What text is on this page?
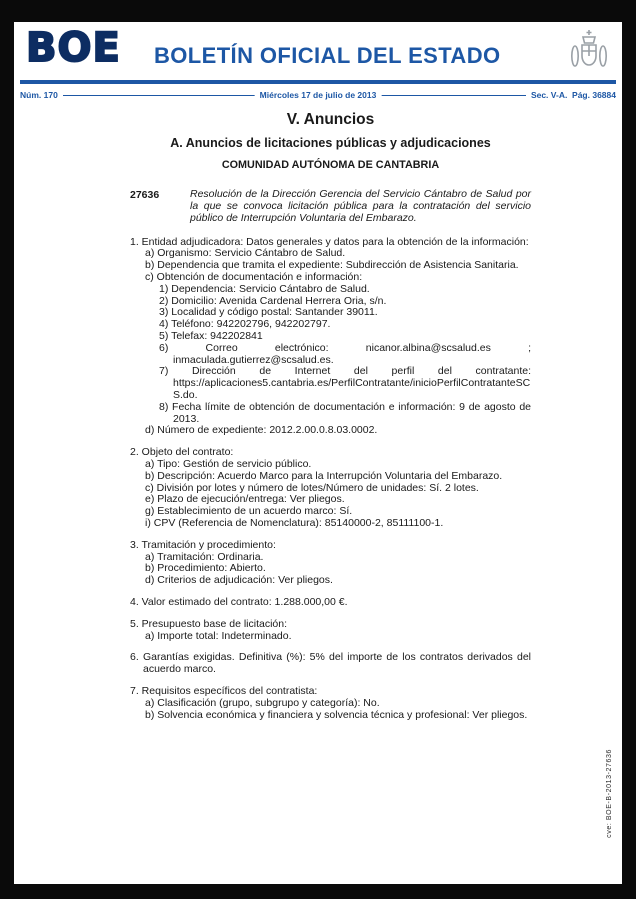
BOE BOLETÍN OFICIAL DEL ESTADO
Núm. 170	Miércoles 17 de julio de 2013	Sec. V-A.  Pág. 36884
V. Anuncios
A. Anuncios de licitaciones públicas y adjudicaciones
COMUNIDAD AUTÓNOMA DE CANTABRIA
27636	Resolución de la Dirección Gerencia del Servicio Cántabro de Salud por la que se convoca licitación pública para la contratación del servicio público de Interrupción Voluntaria del Embarazo.

1. Entidad adjudicadora: Datos generales y datos para la obtención de la información:
a) Organismo: Servicio Cántabro de Salud.
b) Dependencia que tramita el expediente: Subdirección de Asistencia Sanitaria.
c) Obtención de documentación e información:
1) Dependencia: Servicio Cántabro de Salud.
2) Domicilio: Avenida Cardenal Herrera Oria, s/n.
3) Localidad y código postal: Santander 39011.
4) Teléfono: 942202796, 942202797.
5) Telefax: 942202841
6) Correo electrónico: nicanor.albina@scsalud.es ; inmaculada.gutierrez@scsalud.es.
7) Dirección de Internet del perfil del contratante: https://aplicaciones5.cantabria.es/PerfilContratante/inicioPerfilContratanteSCS.do.
8) Fecha límite de obtención de documentación e información: 9 de agosto de 2013.
d) Número de expediente: 2012.2.00.0.8.03.0002.
2. Objeto del contrato:
a) Tipo: Gestión de servicio público.
b) Descripción: Acuerdo Marco para la Interrupción Voluntaria del Embarazo.
c) División por lotes y número de lotes/Número de unidades: Sí. 2 lotes.
e) Plazo de ejecución/entrega: Ver pliegos.
g) Establecimiento de un acuerdo marco: Sí.
i) CPV (Referencia de Nomenclatura): 85140000-2, 85111100-1.
3. Tramitación y procedimiento:
a) Tramitación: Ordinaria.
b) Procedimiento: Abierto.
d) Criterios de adjudicación: Ver pliegos.
4. Valor estimado del contrato: 1.288.000,00 €.
5. Presupuesto base de licitación:
a) Importe total: Indeterminado.
6. Garantías exigidas. Definitiva (%): 5% del importe de los contratos derivados del acuerdo marco.
7. Requisitos específicos del contratista:
a) Clasificación (grupo, subgrupo y categoría): No.
b) Solvencia económica y financiera y solvencia técnica y profesional: Ver pliegos.
cve: BOE-B-2013-27636
